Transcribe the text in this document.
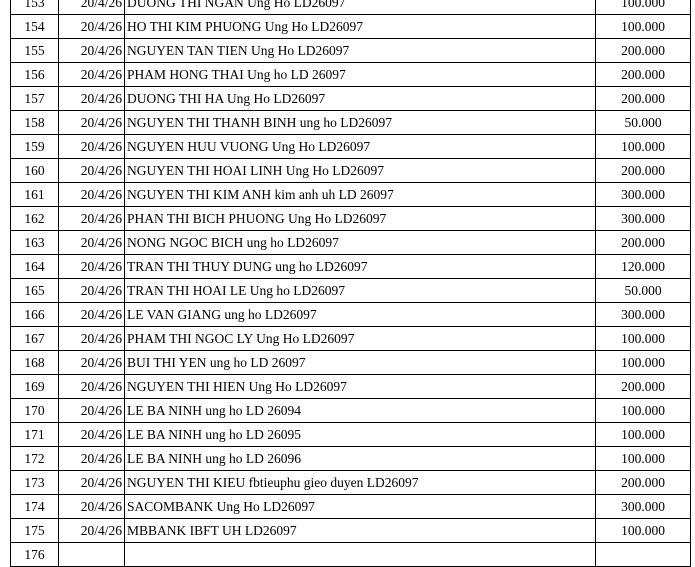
153	20/4/26	DUONG THI NGAN Ung Ho LD26097	100.000
154	20/4/26	HO THI KIM PHUONG Ung Ho LD26097	100.000
155	20/4/26	NGUYEN TAN TIEN Ung Ho LD26097	200.000
156	20/4/26	PHAM HONG THAI Ung ho LD 26097	200.000
157	20/4/26	DUONG THI HA Ung Ho LD26097	200.000
158	20/4/26	NGUYEN THI THANH BINH ung ho LD26097	50.000
159	20/4/26	NGUYEN HUU VUONG Ung Ho LD26097	100.000
160	20/4/26	NGUYEN THI HOAI LINH Ung Ho LD26097	200.000
161	20/4/26	NGUYEN THI KIM ANH kim anh uh LD 26097	300.000
162	20/4/26	PHAN THI BICH PHUONG Ung Ho LD26097	300.000
163	20/4/26	NONG NGOC BICH ung ho LD26097	200.000
164	20/4/26	TRAN THI THUY DUNG ung ho LD26097	120.000
165	20/4/26	TRAN THI HOAI LE Ung ho LD26097	50.000
166	20/4/26	LE VAN GIANG ung ho LD26097	300.000
167	20/4/26	PHAM THI NGOC LY Ung Ho LD26097	100.000
168	20/4/26	BUI THI YEN ung ho LD 26097	100.000
169	20/4/26	NGUYEN THI HIEN Ung Ho LD26097	200.000
170	20/4/26	LE BA NINH ung ho LD 26094	100.000
171	20/4/26	LE BA NINH ung ho LD 26095	100.000
172	20/4/26	LE BA NINH ung ho LD 26096	100.000
173	20/4/26	NGUYEN THI KIEU fbtieuphu gieo duyen LD26097	200.000
174	20/4/26	SACOMBANK Ung Ho LD26097	300.000
175	20/4/26	MBBANK IBFT UH LD26097	100.000
176			
